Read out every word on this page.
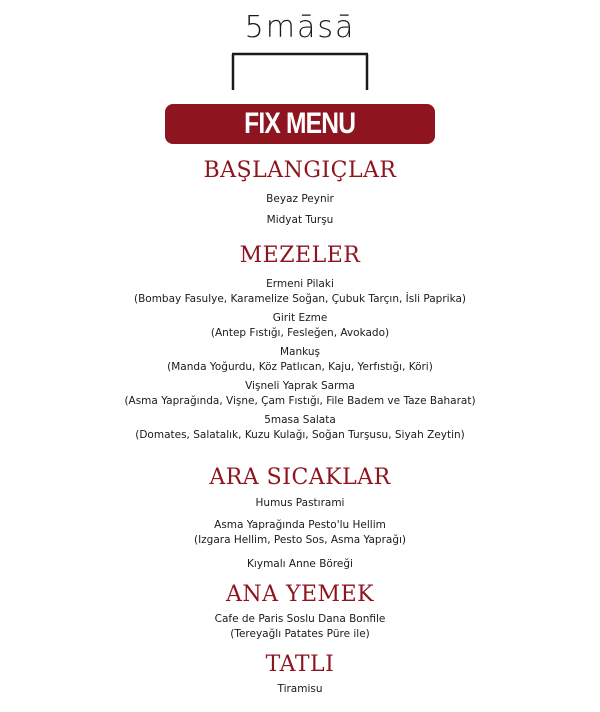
5māsā
FIX MENU
BAŞLANGIÇLAR
Beyaz Peynir
Midyat Turşu
MEZELER
Ermeni Pilaki
(Bombay Fasulye, Karamelize Soğan, Çubuk Tarçın, İsli Paprika)
Girit Ezme
(Antep Fıstığı, Fesleğen, Avokado)
Mankuş
(Manda Yoğurdu, Köz Patlıcan, Kaju, Yerfıstığı, Köri)
Vişneli Yaprak Sarma
(Asma Yaprağında, Vişne, Çam Fıstığı, File Badem ve Taze Baharat)
5masa Salata
(Domates, Salatalık, Kuzu Kulağı, Soğan Turşusu, Siyah Zeytin)
ARA SICAKLAR
Humus Pastırami
Asma Yaprağında Pesto'lu Hellim
(Izgara Hellim, Pesto Sos, Asma Yaprağı)
Kıymalı Anne Böreği
ANA YEMEK
Cafe de Paris Soslu Dana Bonfile
(Tereyağlı Patates Püre ile)
TATLI
Tiramisu
